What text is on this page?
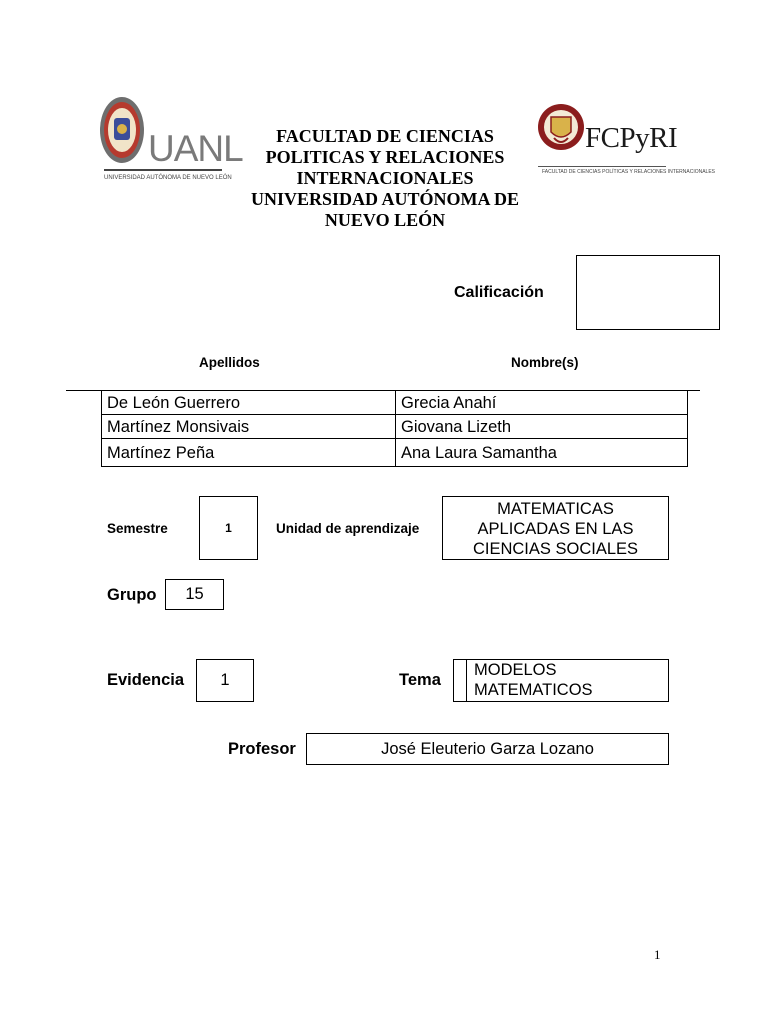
UANL
UNIVERSIDAD AUTÓNOMA DE NUEVO LEÓN
FACULTAD DE CIENCIAS
POLITICAS Y RELACIONES
INTERNACIONALES
UNIVERSIDAD AUTÓNOMA DE
NUEVO LEÓN
FCPyRI
FACULTAD DE CIENCIAS POLÍTICAS Y RELACIONES INTERNACIONALES
Calificación
Apellidos	Nombre(s)
De León Guerrero	Grecia Anahí
Martínez Monsivais	Giovana Lizeth
Martínez Peña	Ana Laura Samantha
Semestre	1	Unidad de aprendizaje
MATEMATICAS
APLICADAS EN LAS
CIENCIAS SOCIALES
Grupo 15
Evidencia 1	Tema
MODELOS
MATEMATICOS
Profesor	José Eleuterio Garza Lozano
1
